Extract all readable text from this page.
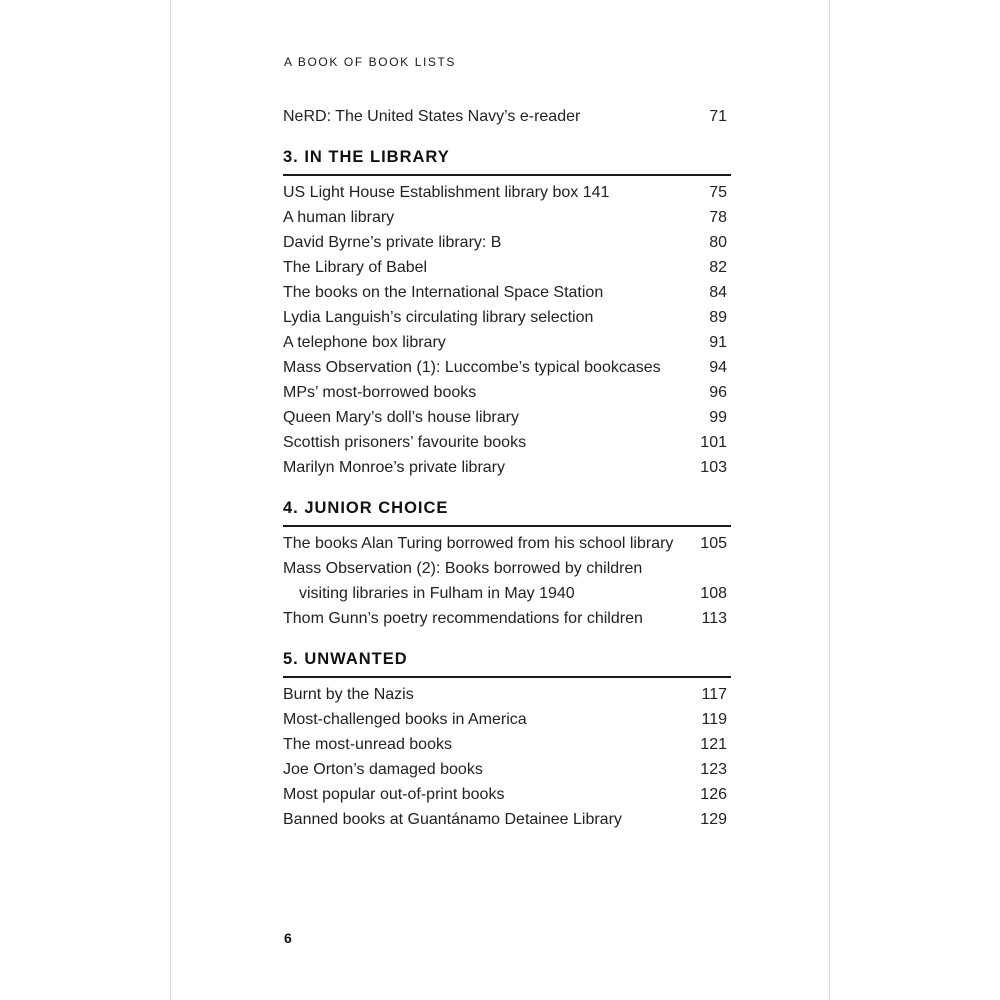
A BOOK OF BOOK LISTS
NeRD: The United States Navy’s e-reader	71
3. IN THE LIBRARY
US Light House Establishment library box 141	75
A human library	78
David Byrne’s private library: B	80
The Library of Babel	82
The books on the International Space Station	84
Lydia Languish’s circulating library selection	89
A telephone box library	91
Mass Observation (1): Luccombe’s typical bookcases	94
MPs’ most-borrowed books	96
Queen Mary’s doll’s house library	99
Scottish prisoners’ favourite books	101
Marilyn Monroe’s private library	103
4. JUNIOR CHOICE
The books Alan Turing borrowed from his school library	105
Mass Observation (2): Books borrowed by children
visiting libraries in Fulham in May 1940	108
Thom Gunn’s poetry recommendations for children	113
5. UNWANTED
Burnt by the Nazis	117
Most-challenged books in America	119
The most-unread books	121
Joe Orton’s damaged books	123
Most popular out-of-print books	126
Banned books at Guantánamo Detainee Library	129
6
